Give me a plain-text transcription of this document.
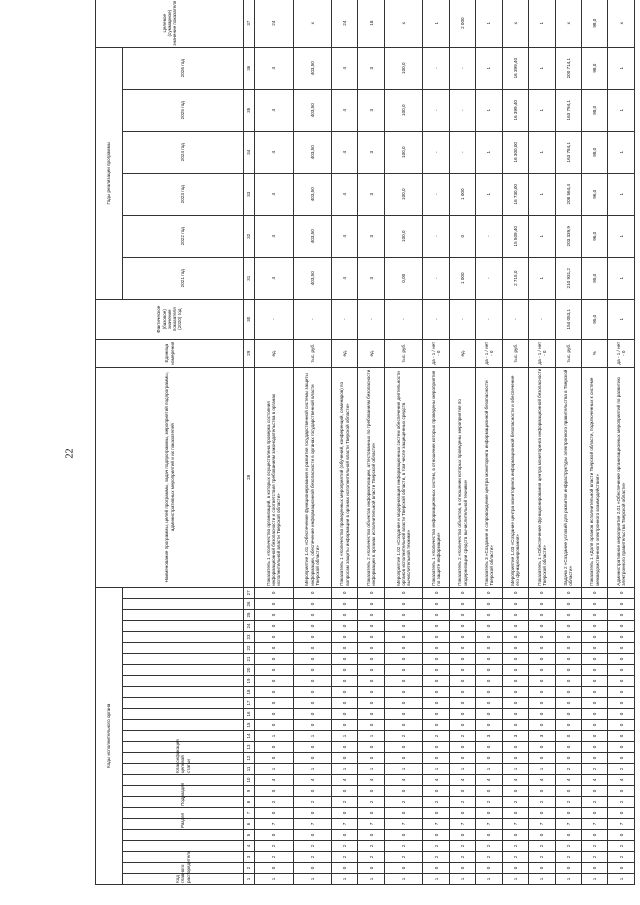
22
Коды исполнительного органа																											Наименование программы, целей программы, задач подпрограммы, мероприятий подпрограммы, административных мероприятий и их показателей	Единица измерения	Фактическое (базовое) значение показателя (2020) год	Годы реализации программы						Целевое (суммарное) значение показателя
Код главного распорядителя					Раздел		Подраздел			Классификация целевой статьи																				2021 год	2022 год	2023 год	2024 год	2025 год	2026 год	
1	2	3	4	5	6	7	8	9	10	11	12	13	14	15	16	17	18	19	20	21	22	23	24	25	26	27	28	29	30	31	32	33	34	35	36	37
1	0	2	2	0	7	0	2	0	4	1	0	0	1	0	0	0	0	0	0	0	0	0	0	0	0	0	Показатель 1 «Количество организаций, в которых осуществлена проверка состояния информационной безопасности и соответствия требованиям законодательства в органах исполнительной власти Тверской области»	ед.	-	4	4	4	4	4	4	24
1	0	2	2	0	7	0	2	0	4	1	0	0	1	0	0	0	0	0	0	0	0	0	0	0	0	0	Мероприятие 1.01 «Обеспечение функционирования и развития государственной системы защиты информации, обеспечение информационной безопасности в органах государственной власти Тверской области»	тыс. руб.	-	403,50	403,50	403,50	403,50	403,50	403,50	х
1	0	2	2	0	7	0	2	0	4	1	0	0	1	0	0	0	0	0	0	0	0	0	0	0	0	0	Показатель 1 «Количество проведенных мероприятий (обучений, конференций, семинаров) по вопросам защиты информации в органах исполнительной власти Тверской области»	ед.	-	4	4	4	4	4	4	24
1	0	2	2	0	7	0	2	0	4	1	0	0	1	0	0	0	0	0	0	0	0	0	0	0	0	0	Показатель 2 «Количество объектов информатизации, аттестованных по требованиям безопасности информации в органах исполнительной власти Тверской области»	ед.	-	3	3	3	3	3	3	18
1	0	2	2	0	7	0	2	0	4	1	0	0	2	0	0	0	0	0	0	0	0	0	0	0	0	0	Мероприятие 1.02 «Создание и модернизация информационных систем обеспечения деятельности органов исполнительной власти Тверской области, в том числе защищенных средств вычислительной техники»	тыс. руб.	-	0,00	100,0	100,0	100,0	100,0	100,0	х
1	0	2	2	0	7	0	2	0	4	1	0	0	2	0	0	0	0	0	0	0	0	0	0	0	0	0	Показатель 1 «Количество информационных систем, в отношении которых проведены мероприятия по защите информации»	да - 1 / нет - 0	-	-	-	-	-	-	-	1
1	0	2	2	0	7	0	2	0	4	1	0	0	2	0	0	0	0	0	0	0	0	0	0	0	0	0	Показатель 2 «Количество объектов, в отношении которых проведены мероприятия по модернизации средств вычислительной техники»	ед.	-	1 000	0	1 000	-	-	-	2 000
1	0	2	2	0	7	0	2	0	4	1	0	0	3	0	0	0	0	0	0	0	0	0	0	0	0	0	Показатель 3 «Создание и сопровождение центра мониторинга информационной безопасности Тверской области»	да - 1 / нет - 0	-	-	-	1	1	1	1	1
1	0	2	2	0	7	0	2	0	4	1	0	0	3	0	0	0	0	0	0	0	0	0	0	0	0	0	Мероприятие 1.03 «Создание центра мониторинга информационной безопасности и обеспечение его функционирования»	тыс. руб.	-	2 715,0	15 509,40	16 730,00	16 300,00	16 399,40	16 399,40	х
1	0	2	2	0	7	0	2	0	4	1	0	0	3	0	0	0	0	0	0	0	0	0	0	0	0	0	Показатель 1 «Обеспечение функционирования центра мониторинга информационной безопасности Тверской области»	да - 1 / нет - 0	-	1	1	1	1	1	1	1
1	0	2	2	0	7	0	2	0	4	2	0	0	0	0	0	0	0	0	0	0	0	0	0	0	0	0	Задача 2 «Создание условий для развития инфраструктуры электронного правительства в Тверской области»	тыс. руб.	154 053,1	210 931,2	203 339,9	208 564,4	163 784,1	163 794,1	200 714,1	х
1	0	2	2	0	7	0	2	0	4	2	0	0	0	0	0	0	0	0	0	0	0	0	0	0	0	0	Показатель 1 «Доля органов исполнительной власти Тверской области, подключенных к системе межведомственного электронного взаимодействия»	%	95,0	95,0	96,0	96,0	98,0	98,0	98,0	98,0
1	0	2	2	0	7	0	2	0	4	2	0	0	0	0	0	0	0	0	0	0	0	0	0	0	0	0	Административное мероприятие 2.01 «Обеспечение организационных мероприятий по развитию электронного правительства Тверской области»	да - 1 / нет - 0	1	1	1	1	1	1	1	х
